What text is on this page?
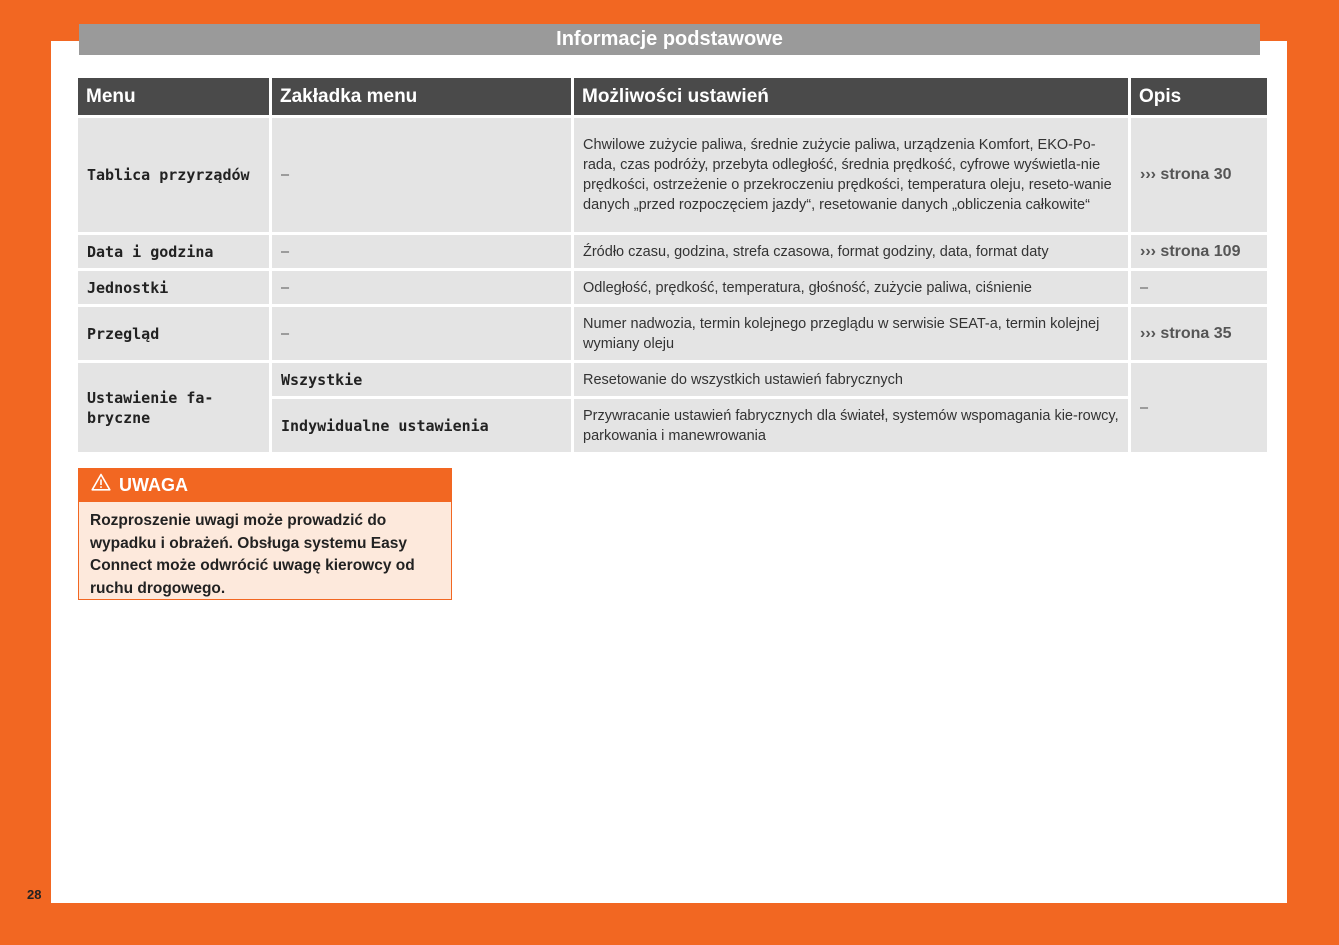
Informacje podstawowe
Menu	Zakładka menu	Możliwości ustawień	Opis
Tablica przyrządów	–	Chwilowe zużycie paliwa, średnie zużycie paliwa, urządzenia Komfort, EKO-Po-rada, czas podróży, przebyta odległość, średnia prędkość, cyfrowe wyświetla-nie prędkości, ostrzeżenie o przekroczeniu prędkości, temperatura oleju, reseto-wanie danych „przed rozpoczęciem jazdy“, resetowanie danych „obliczenia całkowite“	››› strona 30
Data i godzina	–	Źródło czasu, godzina, strefa czasowa, format godziny, data, format daty	››› strona 109
Jednostki	–	Odległość, prędkość, temperatura, głośność, zużycie paliwa, ciśnienie	–
Przegląd	–	Numer nadwozia, termin kolejnego przeglądu w serwisie SEAT-a, termin kolejnej wymiany oleju	››› strona 35
Ustawienie fa-bryczne	Wszystkie	Resetowanie do wszystkich ustawień fabrycznych	–
	Indywidualne ustawienia	Przywracanie ustawień fabrycznych dla świateł, systemów wspomagania kie-rowcy, parkowania i manewrowania	
UWAGA
Rozproszenie uwagi może prowadzić do wypadku i obrażeń. Obsługa systemu Easy Connect może odwrócić uwagę kierowcy od ruchu drogowego.
28
